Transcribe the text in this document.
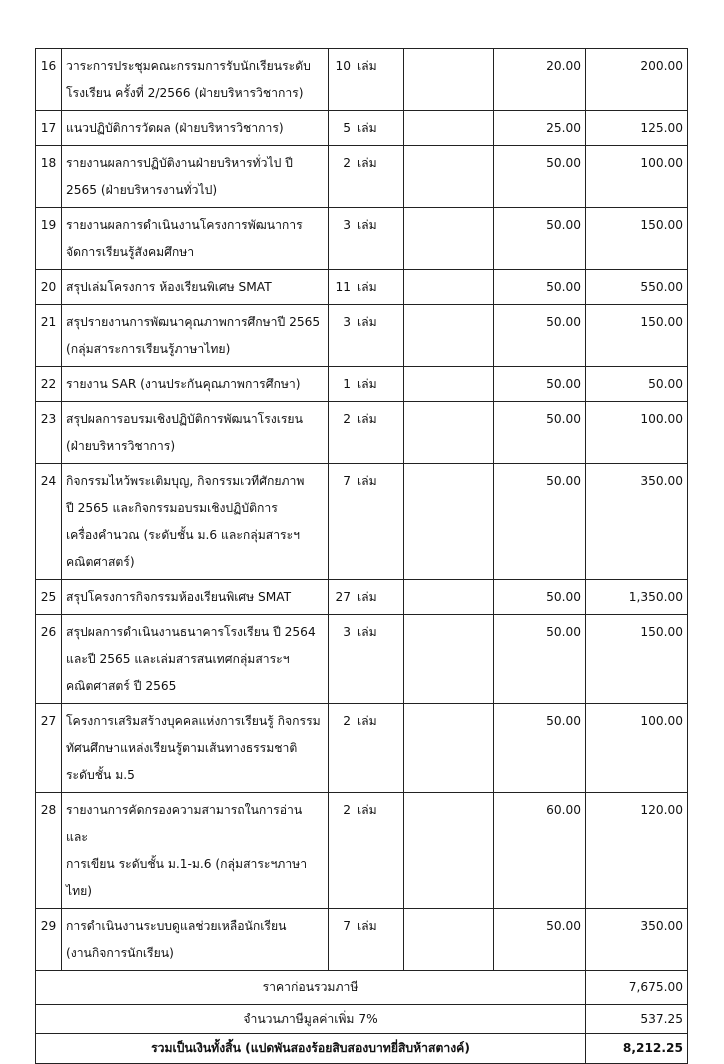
16	วาระการประชุมคณะกรรมการรับนักเรียนระดับ
โรงเรียน ครั้งที่ 2/2566 (ฝ่ายบริหารวิชาการ)	10 เล่ม		20.00	200.00
17	แนวปฏิบัติการวัดผล (ฝ่ายบริหารวิชาการ)	5 เล่ม		25.00	125.00
18	รายงานผลการปฏิบัติงานฝ่ายบริหารทั่วไป ปี
2565 (ฝ่ายบริหารงานทั่วไป)	2 เล่ม		50.00	100.00
19	รายงานผลการดำเนินงานโครงการพัฒนาการ
จัดการเรียนรู้สังคมศึกษา	3 เล่ม		50.00	150.00
20	สรุปเล่มโครงการ ห้องเรียนพิเศษ SMAT	11 เล่ม		50.00	550.00
21	สรุปรายงานการพัฒนาคุณภาพการศึกษาปี 2565
(กลุ่มสาระการเรียนรู้ภาษาไทย)	3 เล่ม		50.00	150.00
22	รายงาน SAR (งานประกันคุณภาพการศึกษา)	1 เล่ม		50.00	50.00
23	สรุปผลการอบรมเชิงปฏิบัติการพัฒนาโรงเรยน
(ฝ่ายบริหารวิชาการ)	2 เล่ม		50.00	100.00
24	กิจกรรมไหว้พระเติมบุญ, กิจกรรมเวทีศักยภาพ
ปี 2565 และกิจกรรมอบรมเชิงปฏิบัติการ
เครื่องคำนวณ (ระดับชั้น ม.6 และกลุ่มสาระฯ
คณิตศาสตร์)	7 เล่ม		50.00	350.00
25	สรุปโครงการกิจกรรมห้องเรียนพิเศษ SMAT	27 เล่ม		50.00	1,350.00
26	สรุปผลการดำเนินงานธนาคารโรงเรียน ปี 2564
และปี 2565 และเล่มสารสนเทศกลุ่มสาระฯ
คณิตศาสตร์ ปี 2565	3 เล่ม		50.00	150.00
27	โครงการเสริมสร้างบุคคลแห่งการเรียนรู้ กิจกรรม
ทัศนศึกษาแหล่งเรียนรู้ตามเส้นทางธรรมชาติ
ระดับชั้น ม.5	2 เล่ม		50.00	100.00
28	รายงานการคัดกรองความสามารถในการอ่านและ
การเขียน ระดับชั้น ม.1-ม.6 (กลุ่มสาระฯภาษาไทย)	2 เล่ม		60.00	120.00
29	การดำเนินงานระบบดูแลช่วยเหลือนักเรียน
(งานกิจการนักเรียน)	7 เล่ม		50.00	350.00
ราคาก่อนรวมภาษี					7,675.00
จำนวนภาษีมูลค่าเพิ่ม 7%					537.25
รวมเป็นเงินทั้งสิ้น (แปดพันสองร้อยสิบสองบาทยี่สิบห้าสตางค์)					8,212.25
